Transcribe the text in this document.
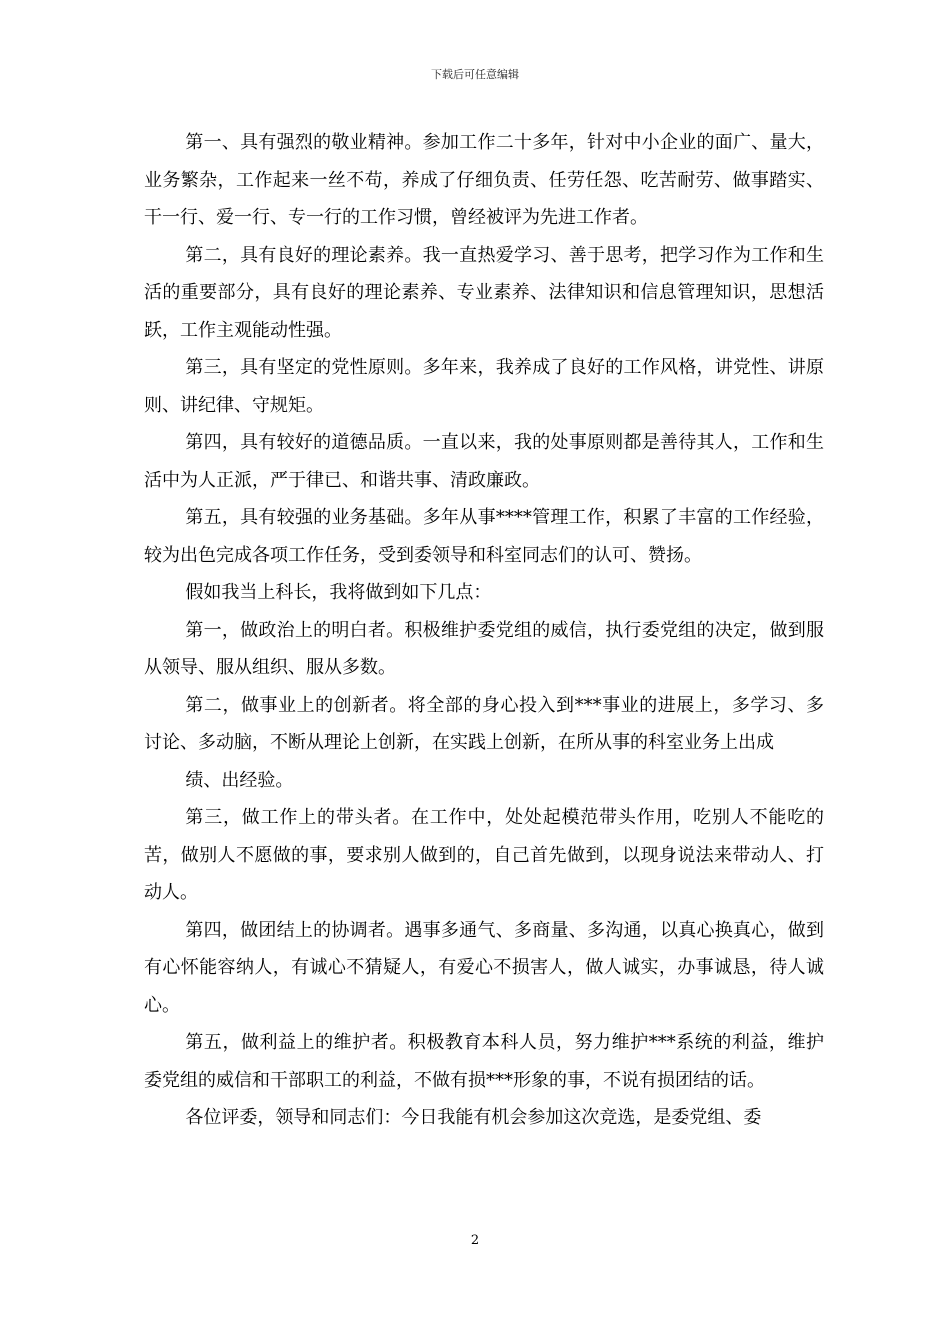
下载后可任意编辑

第一、具有强烈的敬业精神。参加工作二十多年，针对中小企业的面广、量大，业务繁杂，工作起来一丝不苟，养成了仔细负责、任劳任怨、吃苦耐劳、做事踏实、干一行、爱一行、专一行的工作习惯，曾经被评为先进工作者。

第二，具有良好的理论素养。我一直热爱学习、善于思考，把学习作为工作和生活的重要部分，具有良好的理论素养、专业素养、法律知识和信息管理知识，思想活跃，工作主观能动性强。

第三，具有坚定的党性原则。多年来，我养成了良好的工作风格，讲党性、讲原则、讲纪律、守规矩。

第四，具有较好的道德品质。一直以来，我的处事原则都是善待其人，工作和生活中为人正派，严于律已、和谐共事、清政廉政。

第五，具有较强的业务基础。多年从事****管理工作，积累了丰富的工作经验，较为出色完成各项工作任务，受到委领导和科室同志们的认可、赞扬。

假如我当上科长，我将做到如下几点：

第一，做政治上的明白者。积极维护委党组的威信，执行委党组的决定，做到服从领导、服从组织、服从多数。

第二，做事业上的创新者。将全部的身心投入到***事业的进展上，多学习、多讨论、多动脑，不断从理论上创新，在实践上创新，在所从事的科室业务上出成

绩、出经验。

第三，做工作上的带头者。在工作中，处处起模范带头作用，吃别人不能吃的苦，做别人不愿做的事，要求别人做到的，自己首先做到，以现身说法来带动人、打动人。

第四，做团结上的协调者。遇事多通气、多商量、多沟通，以真心换真心，做到有心怀能容纳人，有诚心不猜疑人，有爱心不损害人，做人诚实，办事诚恳，待人诚心。

第五，做利益上的维护者。积极教育本科人员，努力维护***系统的利益，维护委党组的威信和干部职工的利益，不做有损***形象的事，不说有损团结的话。

各位评委，领导和同志们：今日我能有机会参加这次竞选，是委党组、委

2
